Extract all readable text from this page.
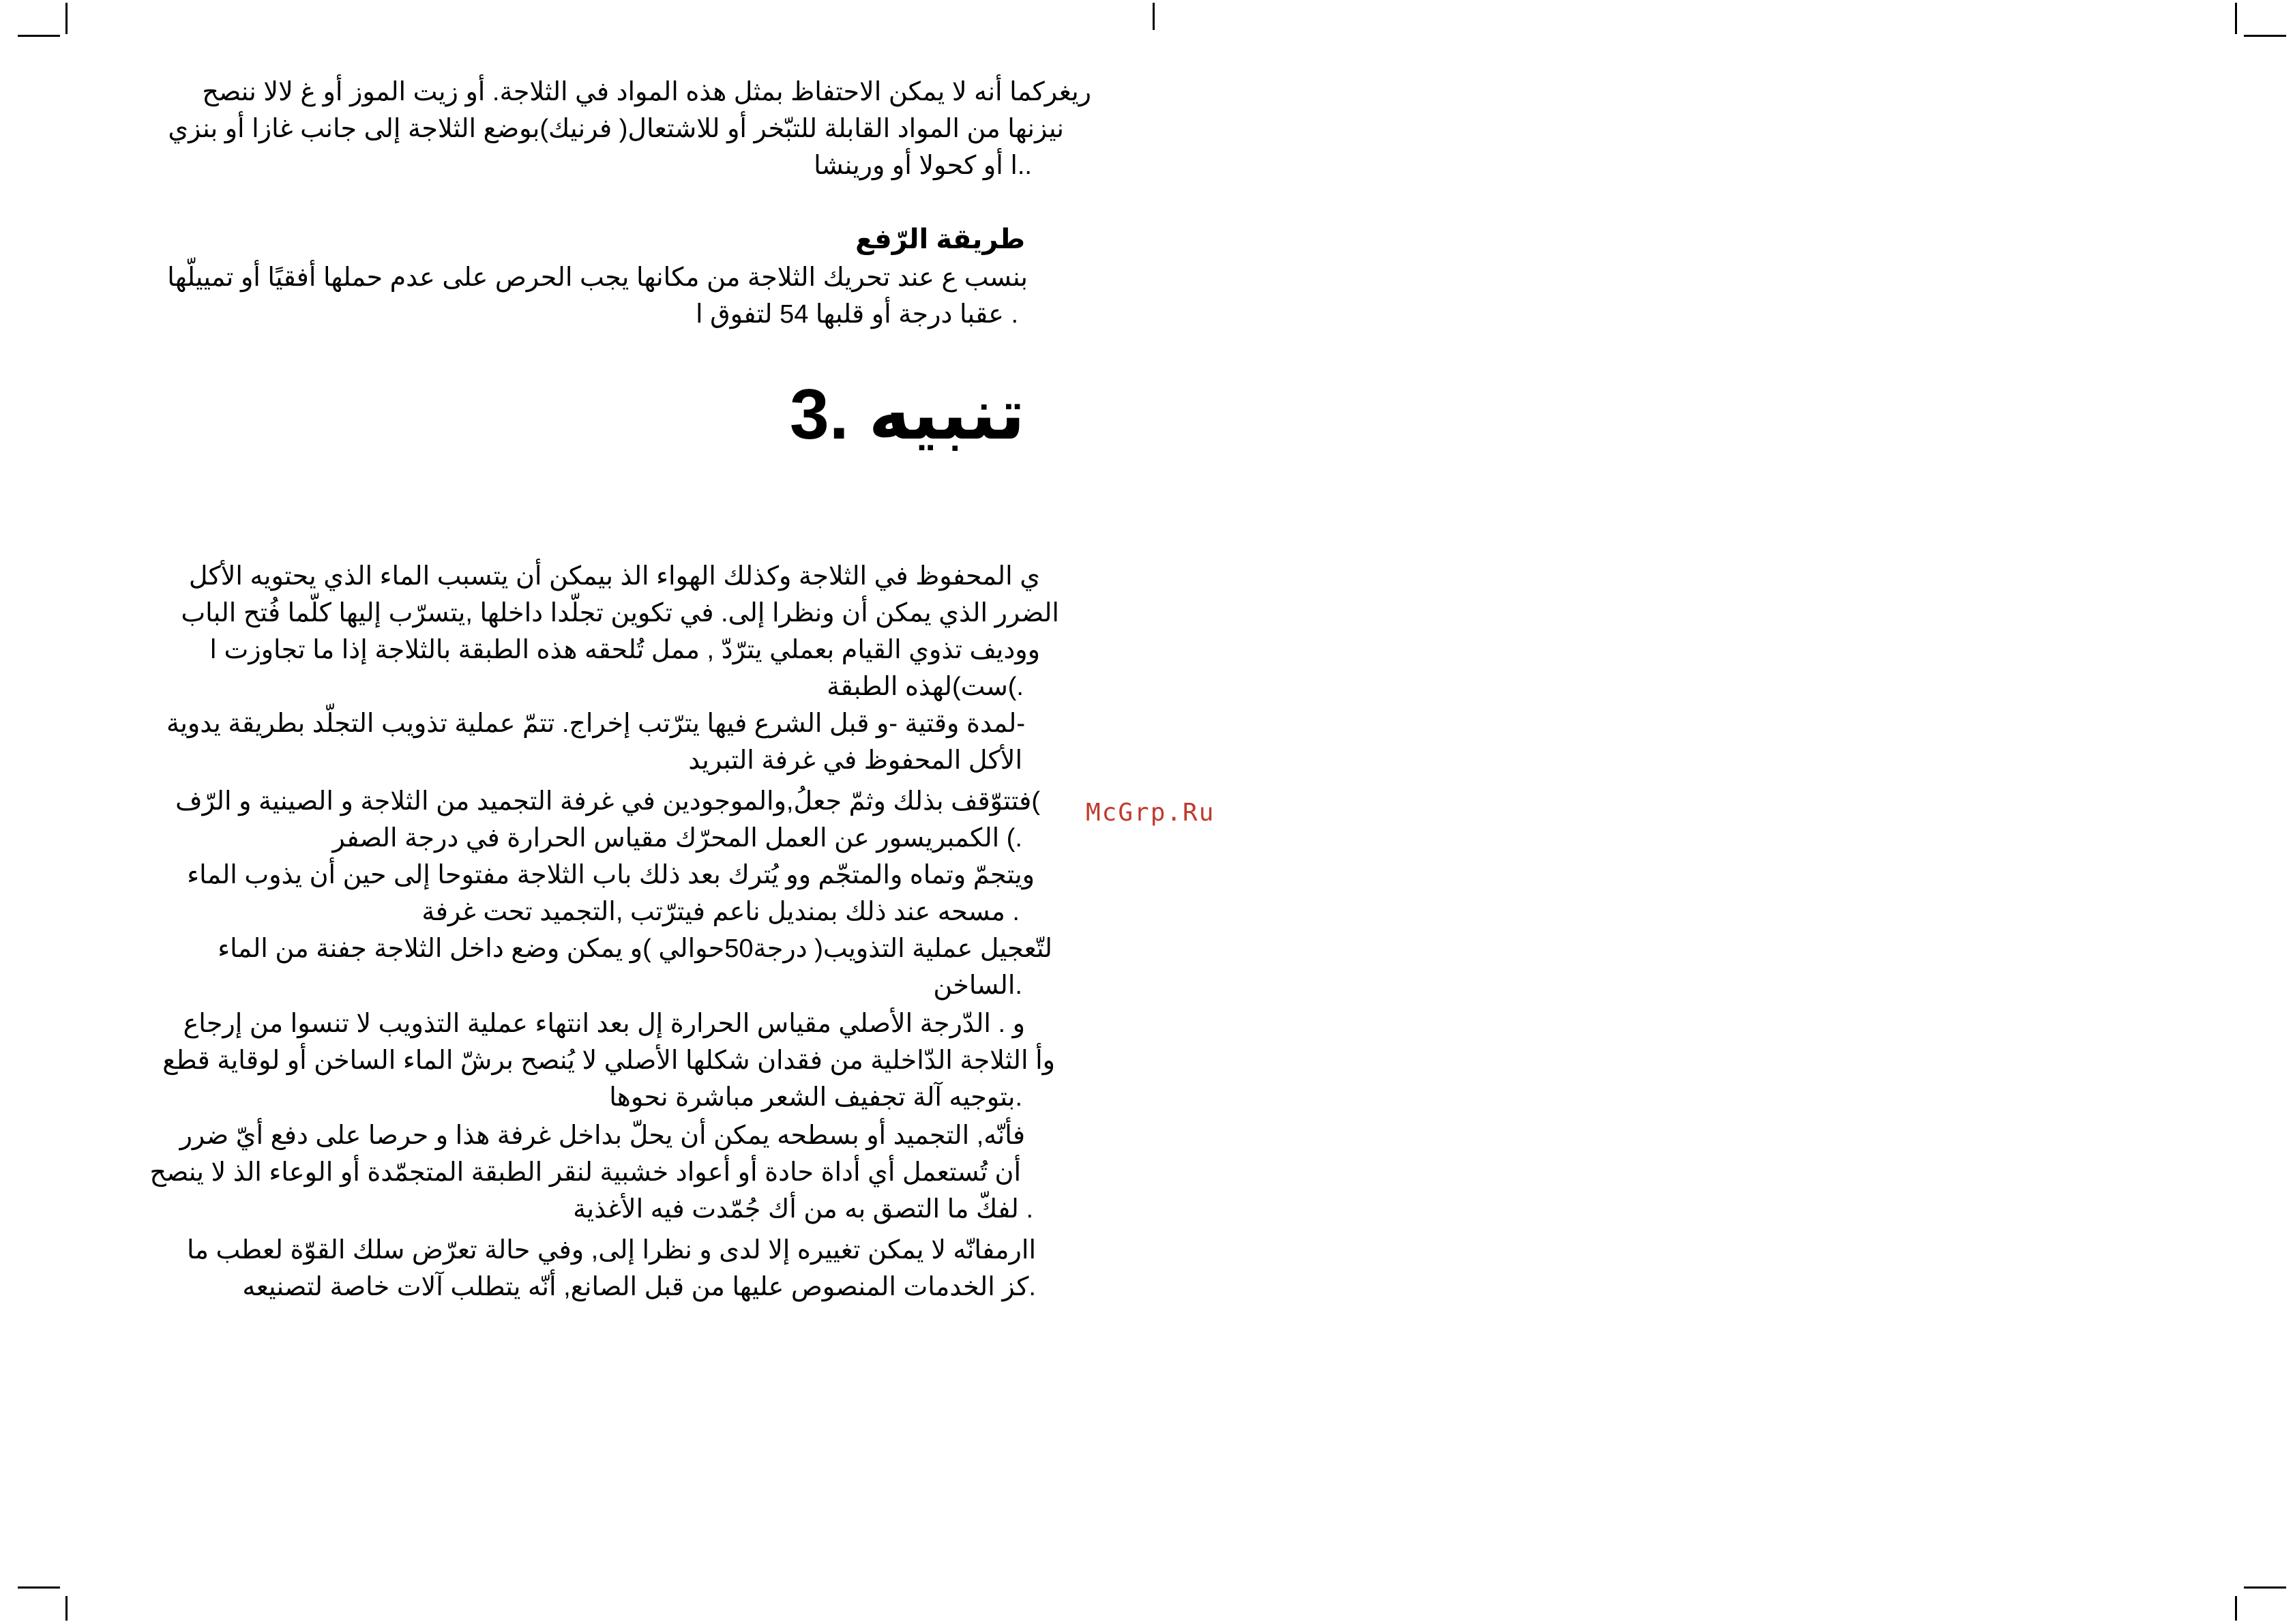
ريغركما أنه لا يمكن الاحتفاظ بمثل هذه المواد في الثلاجة. أو زيت الموز أو غ لالا ننصح
نيزنها من المواد القابلة للتبّخر أو للاشتعال( فرنيك)بوضع الثلاجة إلى جانب غازا أو بنزي
..ا أو كحولا أو ورينشا
طريقة الرّفع
بنسب ع عند تحريك الثلاجة من مكانها يجب الحرص على عدم حملها أفقيًا أو تمييلّها
. عقبا درجة أو قلبها 54 لتفوق ا
تنبيه .3
ي المحفوظ في الثلاجة وكذلك الهواء الذ بيمكن أن يتسبب الماء الذي يحتويه الأكل
الضرر الذي يمكن أن ونظرا إلى. في تكوين تجلّدا داخلها ,يتسرّب إليها كلّما فُتح الباب
ووديف تذوي القيام بعملي يترّدّ , ممل تُلحقه هذه الطبقة بالثلاجة إذا ما تجاوزت ا
.)ست)لهذه الطبقة
-لمدة وقتية -و قبل الشرع فيها يترّتب إخراج. تتمّ عملية تذويب التجلّد بطريقة يدوية
الأكل المحفوظ في غرفة التبريد
)فتتوّقف بذلك وثمّ جعلُ,والموجودين في غرفة التجميد من الثلاجة و الصينية و الرّف
.) الكمبريسور عن العمل المحرّك مقياس الحرارة في درجة الصفر
ويتجمّ وتماه والمتجّم وو يُترك بعد ذلك باب الثلاجة مفتوحا إلى حين أن يذوب الماء
. مسحه عند ذلك بمنديل ناعم فيترّتب ,التجميد تحت غرفة
لتّعجيل عملية التذويب( درجة50حوالي )و يمكن وضع داخل الثلاجة جفنة من الماء
.الساخن
و . الدّرجة الأصلي مقياس الحرارة إل بعد انتهاء عملية التذويب لا تنسوا من إرجاع
وأ الثلاجة الدّاخلية من فقدان شكلها الأصلي لا يُنصح برشّ الماء الساخن أو لوقاية قطع
.بتوجيه آلة تجفيف الشعر مباشرة نحوها
فأنّه, التجميد أو بسطحه يمكن أن يحلّ بداخل غرفة هذا و حرصا على دفع أيّ ضرر
أن تُستعمل أي أداة حادة أو أعواد خشبية لنقر الطبقة المتجمّدة أو الوعاء الذ لا ينصح
. لفكّ ما التصق به من أك جُمّدت فيه الأغذية
اارمفانّه لا يمكن تغييره إلا لدى و نظرا إلى, وفي حالة تعرّض سلك القوّة لعطب ما
.كز الخدمات المنصوص عليها من قبل الصانع, أنّه يتطلب آلات خاصة لتصنيعه
McGrp.Ru
